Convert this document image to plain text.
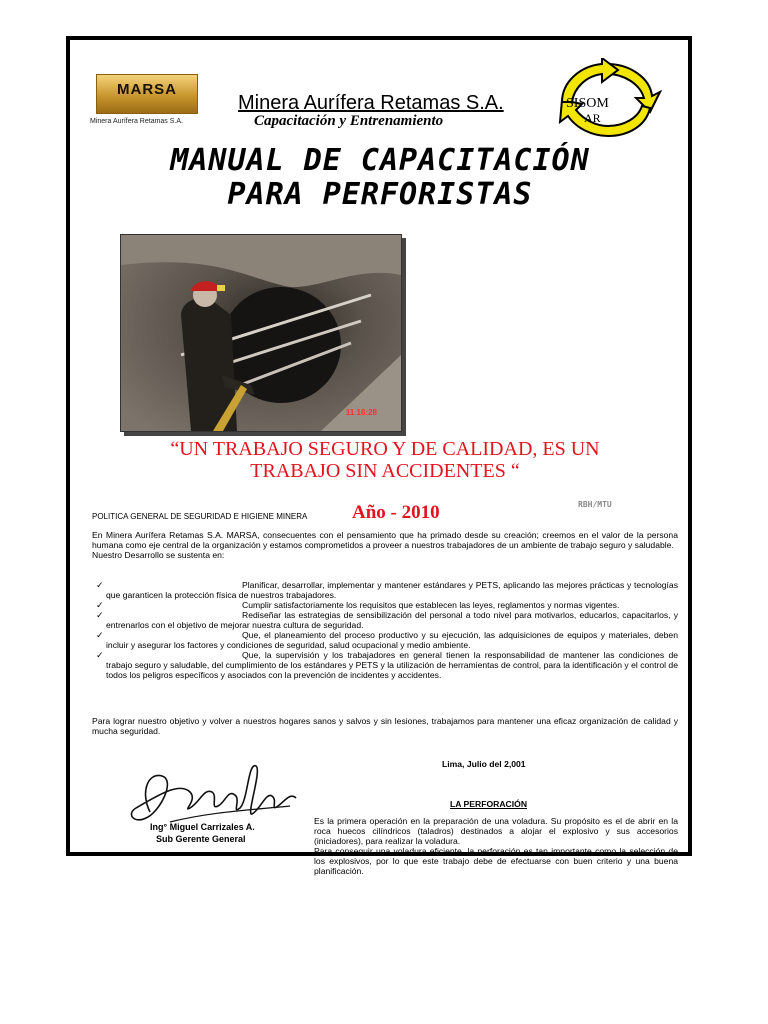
MARSA
Minera Aurífera Retamas S.A.
Minera Aurífera Retamas S.A.
Capacitación y Entrenamiento
SISOM
AR
MANUAL DE CAPACITACIÓN
PARA PERFORISTAS
11 16:28
“UN TRABAJO SEGURO Y DE CALIDAD, ES UN
TRABAJO SIN ACCIDENTES “
RBH/MTU
POLITICA GENERAL DE SEGURIDAD E HIGIENE MINERA Año - 2010

En Minera Aurífera Retamas S.A. MARSA, consecuentes con el pensamiento que ha primado desde su creación; creemos en el valor de la persona humana como eje central de la organización y estamos comprometidos a proveer a nuestros trabajadores de un ambiente de trabajo seguro y saludable.

Nuestro Desarrollo se sustenta en:

✓	Planificar, desarrollar, implementar y mantener estándares y PETS, aplicando las mejores prácticas y tecnologías que garanticen la protección física de nuestros trabajadores.
✓	Cumplir satisfactoriamente los requisitos que establecen las leyes, reglamentos y normas vigentes.
✓	Rediseñar las estrategias de sensibilización del personal a todo nivel para motivarlos, educarlos, capacitarlos, y entrenarlos con el objetivo de mejorar nuestra cultura de seguridad.
✓	Que, el planeamiento del proceso productivo y su ejecución, las adquisiciones de equipos y materiales, deben incluir y asegurar los factores y condiciones de seguridad, salud ocupacional y medio ambiente.
✓	Que, la supervisión y los trabajadores en general tienen la responsabilidad de mantener las condiciones de trabajo seguro y saludable, del cumplimiento de los estándares y PETS y la utilización de herramientas de control, para la identificación y el control de todos los peligros específicos y asociados con la prevención de incidentes y accidentes.
Para lograr nuestro objetivo y volver a nuestros hogares sanos y salvos y sin lesiones, trabajamos para mantener una eficaz organización de calidad y mucha seguridad.
Lima, Julio del 2,001
Ing° Miguel Carrizales A.
Sub Gerente General
LA PERFORACIÓN

Es la primera operación en la preparación de una voladura. Su propósito es el de abrir en la roca huecos cilíndricos (taladros) destinados a alojar el explosivo y sus accesorios (iniciadores), para realizar la voladura.

Para conseguir una voladura eficiente, la perforación es tan importante como la selección de los explosivos, por lo que este trabajo debe de efectuarse con buen criterio y una buena planificación.
